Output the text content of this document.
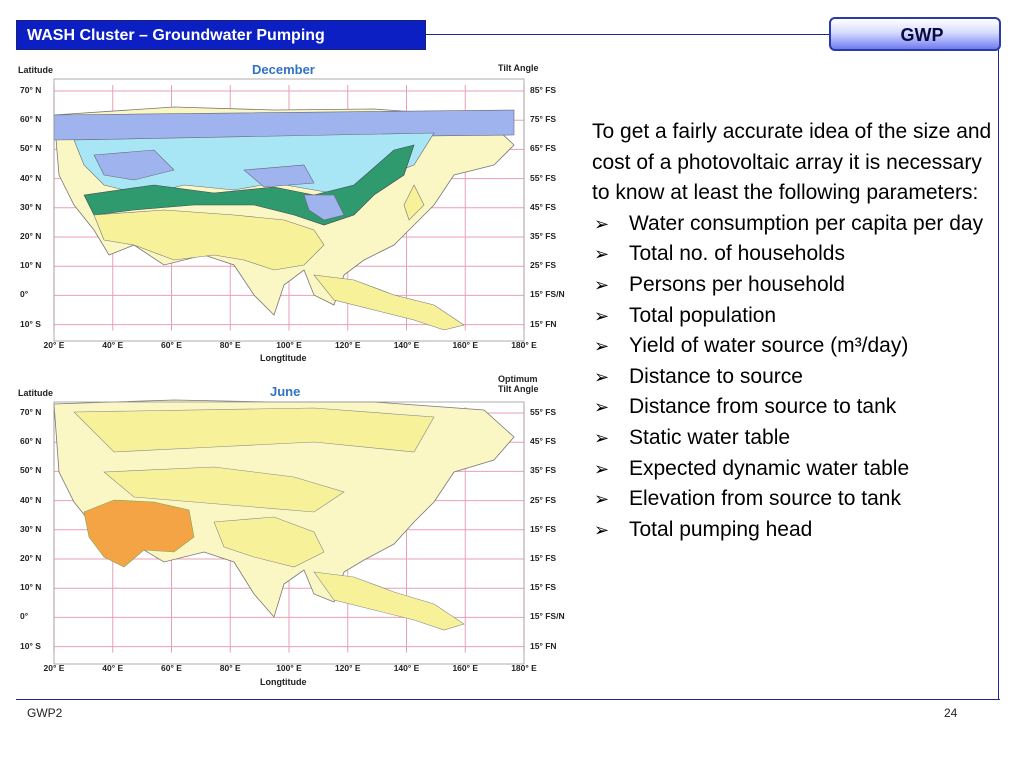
WASH Cluster – Groundwater Pumping	GWP
Latitude	December	Tilt Angle
70° N
60° N
50° N
40° N
30° N
20° N
10° N
0°
10° S
85° FS
75° FS
65° FS
55° FS
45° FS
35° FS
25° FS
15° FS/N
15° FN
20° E	40° E	60° E	80° E	100° E	120° E	140° E	160° E	180° E
Longtitude
Latitude	June
Optimum
Tilt Angle
70° N
60° N
50° N
40° N
30° N
20° N
10° N
0°
10° S
55° FS
45° FS
35° FS
25° FS
15° FS
15° FS
15° FS
15° FS/N
15° FN
20° E	40° E	60° E	80° E	100° E	120° E	140° E	160° E	180° E
Longtitude

To get a fairly accurate idea of the size and cost of a photovoltaic array it is necessary to know at least the following parameters:

➢ Water consumption per capita per day
➢ Total no. of households
➢ Persons per household
➢ Total population
➢ Yield of water source (m³/day)
➢ Distance to source
➢ Distance from source to tank
➢ Static water table
➢ Expected dynamic water table
➢ Elevation from source to tank
➢ Total pumping head
GWP2	24
